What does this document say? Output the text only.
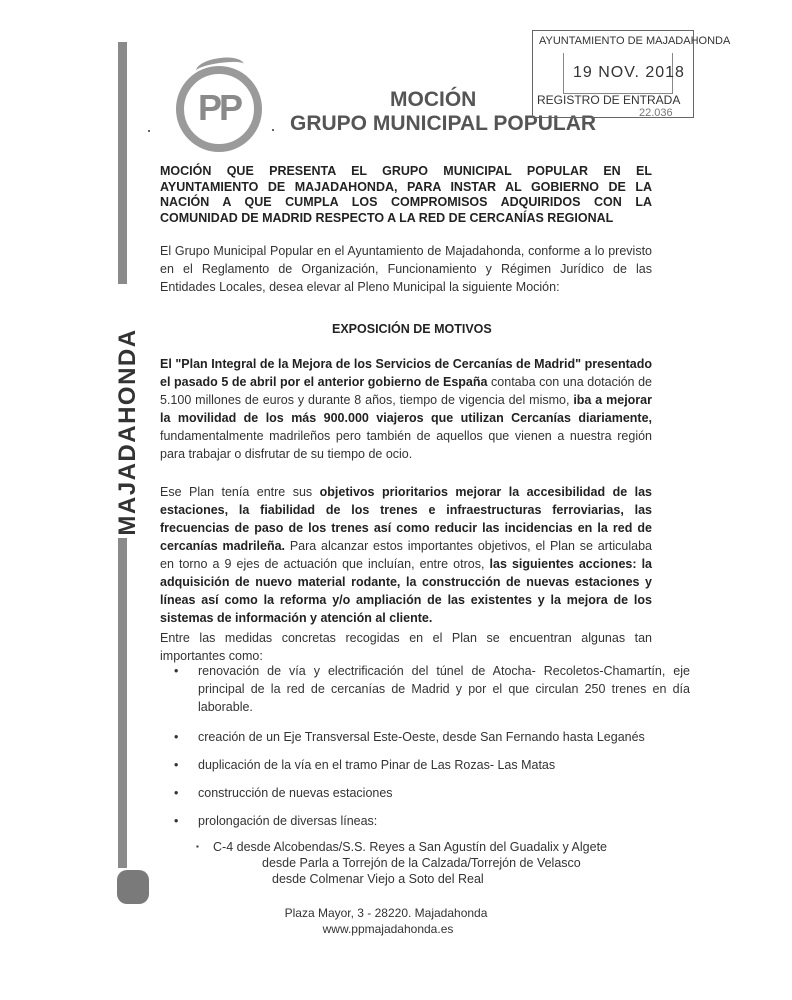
MAJADAHONDA
PP	MOCIÓN
GRUPO MUNICIPAL POPULAR
AYUNTAMIENTO DE MAJADAHONDA
19 NOV. 2018
REGISTRO DE ENTRADA
22.036
MOCIÓN QUE PRESENTA EL GRUPO MUNICIPAL POPULAR EN EL AYUNTAMIENTO DE MAJADAHONDA, PARA INSTAR AL GOBIERNO DE LA NACIÓN A QUE CUMPLA LOS COMPROMISOS ADQUIRIDOS CON LA COMUNIDAD DE MADRID RESPECTO A LA RED DE CERCANÍAS REGIONAL
El Grupo Municipal Popular en el Ayuntamiento de Majadahonda, conforme a lo previsto en el Reglamento de Organización, Funcionamiento y Régimen Jurídico de las Entidades Locales, desea elevar al Pleno Municipal la siguiente Moción:
EXPOSICIÓN DE MOTIVOS
El "Plan Integral de la Mejora de los Servicios de Cercanías de Madrid" presentado el pasado 5 de abril por el anterior gobierno de España contaba con una dotación de 5.100 millones de euros y durante 8 años, tiempo de vigencia del mismo, iba a mejorar la movilidad de los más 900.000 viajeros que utilizan Cercanías diariamente, fundamentalmente madrileños pero también de aquellos que vienen a nuestra región para trabajar o disfrutar de su tiempo de ocio.
Ese Plan tenía entre sus objetivos prioritarios mejorar la accesibilidad de las estaciones, la fiabilidad de los trenes e infraestructuras ferroviarias, las frecuencias de paso de los trenes así como reducir las incidencias en la red de cercanías madrileña. Para alcanzar estos importantes objetivos, el Plan se articulaba en torno a 9 ejes de actuación que incluían, entre otros, las siguientes acciones: la adquisición de nuevo material rodante, la construcción de nuevas estaciones y líneas así como la reforma y/o ampliación de las existentes y la mejora de los sistemas de información y atención al cliente.
Entre las medidas concretas recogidas en el Plan se encuentran algunas tan importantes como:
• renovación de vía y electrificación del túnel de Atocha- Recoletos-Chamartín, eje principal de la red de cercanías de Madrid y por el que circulan 250 trenes en día laborable.
• creación de un Eje Transversal Este-Oeste, desde San Fernando hasta Leganés
• duplicación de la vía en el tramo Pinar de Las Rozas- Las Matas
• construcción de nuevas estaciones
• prolongación de diversas líneas:
▪ C-4 desde Alcobendas/S.S. Reyes a San Agustín del Guadalix y Algete
desde Parla a Torrejón de la Calzada/Torrejón de Velasco
desde Colmenar Viejo a Soto del Real
Plaza Mayor, 3 - 28220. Majadahonda
www.ppmajadahonda.es
